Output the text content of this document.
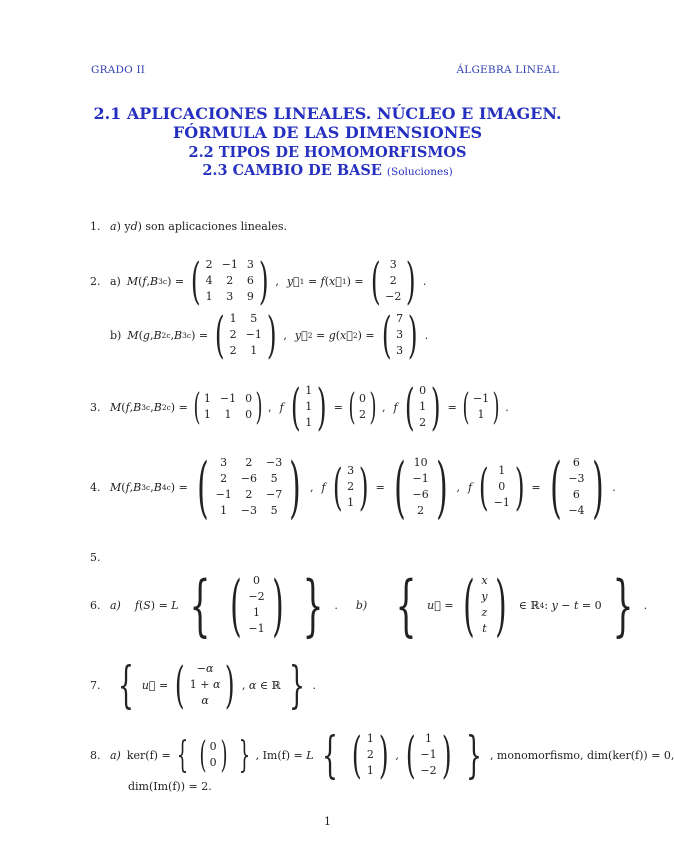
GRADO II	ÁLGEBRA LINEAL
2.1 APLICACIONES LINEALES. NÚCLEO E IMAGEN.
FÓRMULA DE LAS DIMENSIONES
2.2 TIPOS DE HOMOMORFISMOS
2.3 CAMBIO DE BASE (Soluciones)
1. a ) y d ) son aplicaciones lineales.
2. a) M ( f , B 3 c ) = ( 2 −1 3
4	2	6
1	3	9 ) , y⃗ 1 = f ( x⃗ 1 ) = ( 3
2
−2 ) .
b) M ( g , B 2 c , B 3 c ) = ( 1	5
2 −1
2	1 ) , y⃗ 2 = g ( x⃗ 2 ) = ( 7
3
3 ) .
3. M ( f , B 3 c , B 2 c ) = ( 1 −1 0
1	1	0 ) , f ( 1
1
1 ) = ( 0
2 ) , f ( 0
1
2 ) = ( −1
1 ) .
4. M ( f , B 3 c , B 4 c ) = (	3	2	−3
2	−6	5
−1	2	−7
1	−3	5 ) , f ( 3
2
1 ) = ( 10
−1
−6
2 ) , f ( 1
0
−1 ) = (	6
−3
6
−4 ) .
5.
6. a) f ( S ) = L { (	0
−2
1
−1 ) } . b) { u⃗ = ( x
y
z
t ) ∈ ℝ 4 : y − t = 0 } .
7. { u⃗ = (	−α
1 + α
α ) , α ∈ ℝ } .
8. a) ker(f) = { ( 0
0 ) } , Im(f) =
L { ( 1
2
1 ) , ( 1
−1
−2 ) } , monomorfismo, dim(ker(f)) = 0,
dim(Im(f)) = 2.
1
